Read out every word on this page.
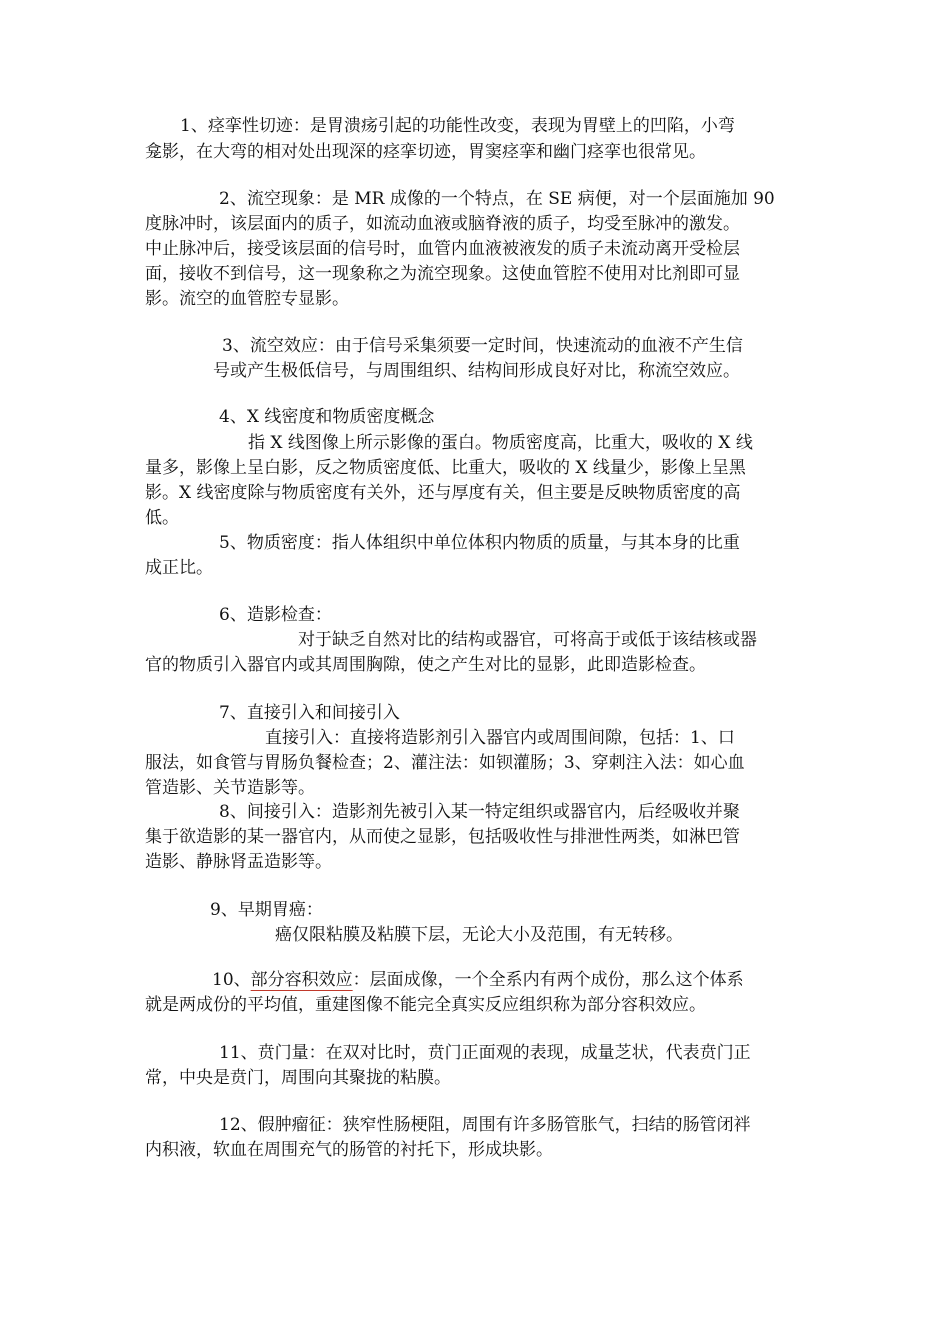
1、痉挛性切迹：是胃溃疡引起的功能性改变，表现为胃壁上的凹陷，小弯
龛影，在大弯的相对处出现深的痉挛切迹，胃窦痉挛和幽门痉挛也很常见。
2、流空现象：是 MR 成像的一个特点，在 SE 病便，对一个层面施加 90
度脉冲时，该层面内的质子，如流动血液或脑脊液的质子，均受至脉冲的激发。
中止脉冲后，接受该层面的信号时，血管内血液被液发的质子未流动离开受检层
面，接收不到信号，这一现象称之为流空现象。这使血管腔不使用对比剂即可显
影。流空的血管腔专显影。
3、流空效应：由于信号采集须要一定时间，快速流动的血液不产生信
号或产生极低信号，与周围组织、结构间形成良好对比，称流空效应。
4、X 线密度和物质密度概念
指 X 线图像上所示影像的蛋白。物质密度高，比重大，吸收的 X 线
量多，影像上呈白影，反之物质密度低、比重大，吸收的 X 线量少，影像上呈黑
影。X 线密度除与物质密度有关外，还与厚度有关，但主要是反映物质密度的高
低。
5、物质密度：指人体组织中单位体积内物质的质量，与其本身的比重
成正比。
6、造影检查：
对于缺乏自然对比的结构或器官，可将高于或低于该结核或器
官的物质引入器官内或其周围胸隙，使之产生对比的显影，此即造影检查。
7、直接引入和间接引入
直接引入：直接将造影剂引入器官内或周围间隙，包括：1、口
服法，如食管与胃肠负餐检查；2、灌注法：如钡灌肠；3、穿刺注入法：如心血
管造影、关节造影等。
8、间接引入：造影剂先被引入某一特定组织或器官内，后经吸收并聚
集于欲造影的某一器官内，从而使之显影，包括吸收性与排泄性两类，如淋巴管
造影、静脉肾盂造影等。
9、早期胃癌：
癌仅限粘膜及粘膜下层，无论大小及范围，有无转移。
10、部分容积效应：层面成像，一个全系内有两个成份，那么这个体系
就是两成份的平均值，重建图像不能完全真实反应组织称为部分容积效应。
11、贲门量：在双对比时，贲门正面观的表现，成量芝状，代表贲门正
常，中央是贲门，周围向其聚拢的粘膜。
12、假肿瘤征：狭窄性肠梗阻，周围有许多肠管胀气，扫结的肠管闭袢
内积液，软血在周围充气的肠管的衬托下，形成块影。
